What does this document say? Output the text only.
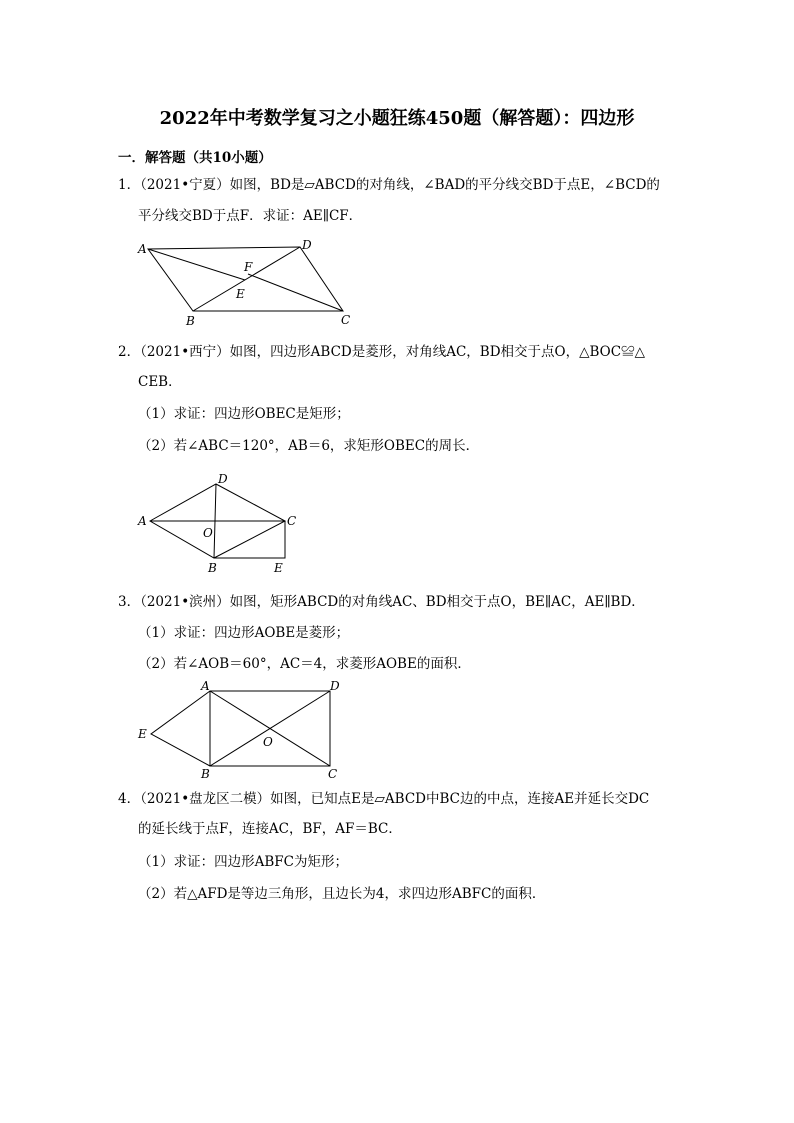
2022年中考数学复习之小题狂练450题（解答题）：四边形
一．解答题（共10小题）
1．（2021•宁夏）如图，BD是▱ABCD的对角线，∠BAD的平分线交BD于点E，∠BCD的
平分线交BD于点F．求证：AE∥CF．
A	D
F
E
B	C
2．（2021•西宁）如图，四边形ABCD是菱形，对角线AC，BD相交于点O，△BOC≌△
CEB．
（1）求证：四边形OBEC是矩形；
（2）若∠ABC＝120°，AB＝6，求矩形OBEC的周长．
D
A	C
O
B	E
3．（2021•滨州）如图，矩形ABCD的对角线AC、BD相交于点O，BE∥AC，AE∥BD．
（1）求证：四边形AOBE是菱形；
（2）若∠AOB＝60°，AC＝4，求菱形AOBE的面积．
A	D
E
O
B	C
4．（2021•盘龙区二模）如图，已知点E是▱ABCD中BC边的中点，连接AE并延长交DC
的延长线于点F，连接AC，BF，AF＝BC．
（1）求证：四边形ABFC为矩形；
（2）若△AFD是等边三角形，且边长为4，求四边形ABFC的面积．
